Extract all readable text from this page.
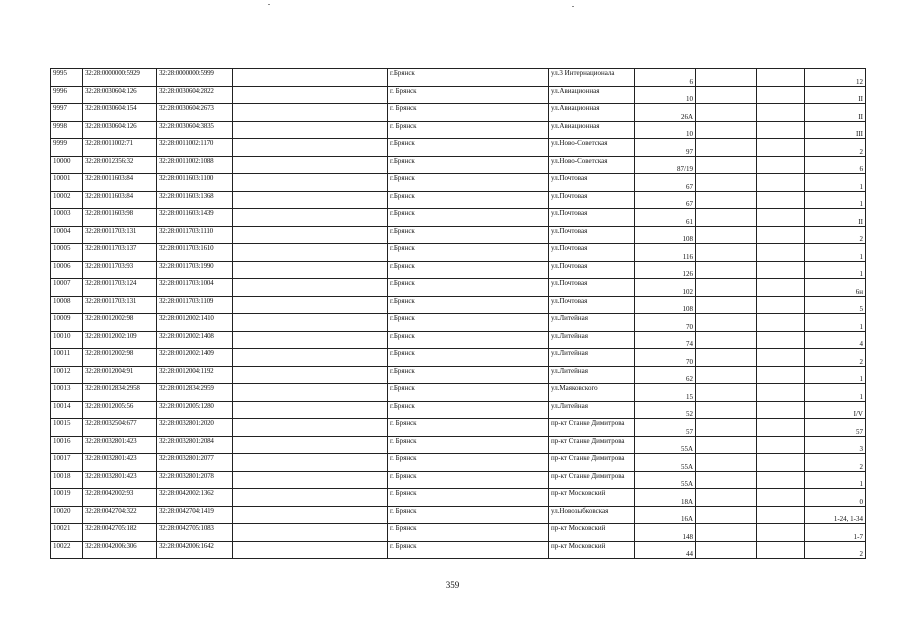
9995	32:28:0000000:5929	32:28:0000000:5999		г.Брянск	ул.3 Интернационала	6			12
9996	32:28:0030604:126	32:28:0030604:2822		г. Брянск	ул.Авиационная	10			II
9997	32:28:0030604:154	32:28:0030604:2673		г. Брянск	ул.Авиационная	26А			II
9998	32:28:0030604:126	32:28:0030604:3835		г. Брянск	ул.Авиационная	10			III
9999	32:28:0011002:71	32:28:0011002:1170		г.Брянск	ул.Ново-Советская	97			2
10000	32:28:0012356:32	32:28:0011002:1088		г.Брянск	ул.Ново-Советская	87/19			6
10001	32:28:0011603:84	32:28:0011603:1100		г.Брянск	ул.Почтовая	67			1
10002	32:28:0011603:84	32:28:0011603:1368		г.Брянск	ул.Почтовая	67			1
10003	32:28:0011603:98	32:28:0011603:1439		г.Брянск	ул.Почтовая	61			II
10004	32:28:0011703:131	32:28:0011703:1110		г.Брянск	ул.Почтовая	108			2
10005	32:28:0011703:137	32:28:0011703:1610		г.Брянск	ул.Почтовая	116			1
10006	32:28:0011703:93	32:28:0011703:1990		г.Брянск	ул.Почтовая	126			1
10007	32:28:0011703:124	32:28:0011703:1004		г.Брянск	ул.Почтовая	102			6н
10008	32:28:0011703:131	32:28:0011703:1109		г.Брянск	ул.Почтовая	108			5
10009	32:28:0012002:98	32:28:0012002:1410		г.Брянск	ул.Литейная	70			1
10010	32:28:0012002:109	32:28:0012002:1408		г.Брянск	ул.Литейная	74			4
10011	32:28:0012002:98	32:28:0012002:1409		г.Брянск	ул.Литейная	70			2
10012	32:28:0012004:91	32:28:0012004:1192		г.Брянск	ул.Литейная	62			1
10013	32:28:0012834:2958	32:28:0012834:2959		г.Брянск	ул.Маяковского	15			1
10014	32:28:0012005:56	32:28:0012005:1280		г.Брянск	ул.Литейная	52			I/V
10015	32:28:0032504:677	32:28:0032801:2020		г. Брянск	пр-кт Станке Димитрова	57			57
10016	32:28:0032801:423	32:28:0032801:2084		г. Брянск	пр-кт Станке Димитрова	55А			3
10017	32:28:0032801:423	32:28:0032801:2077		г. Брянск	пр-кт Станке Димитрова	55А			2
10018	32:28:0032801:423	32:28:0032801:2078		г. Брянск	пр-кт Станке Димитрова	55А			1
10019	32:28:0042002:93	32:28:0042002:1362		г. Брянск	пр-кт Московский	18А			0
10020	32:28:0042704:322	32:28:0042704:1419		г. Брянск	ул.Новозыбковская	16А			1-24, 1-34
10021	32:28:0042705:182	32:28:0042705:1083		г. Брянск	пр-кт Московский	148			1-7
10022	32:28:0042006:306	32:28:0042006:1642		г. Брянск	пр-кт Московский	44			2
359
